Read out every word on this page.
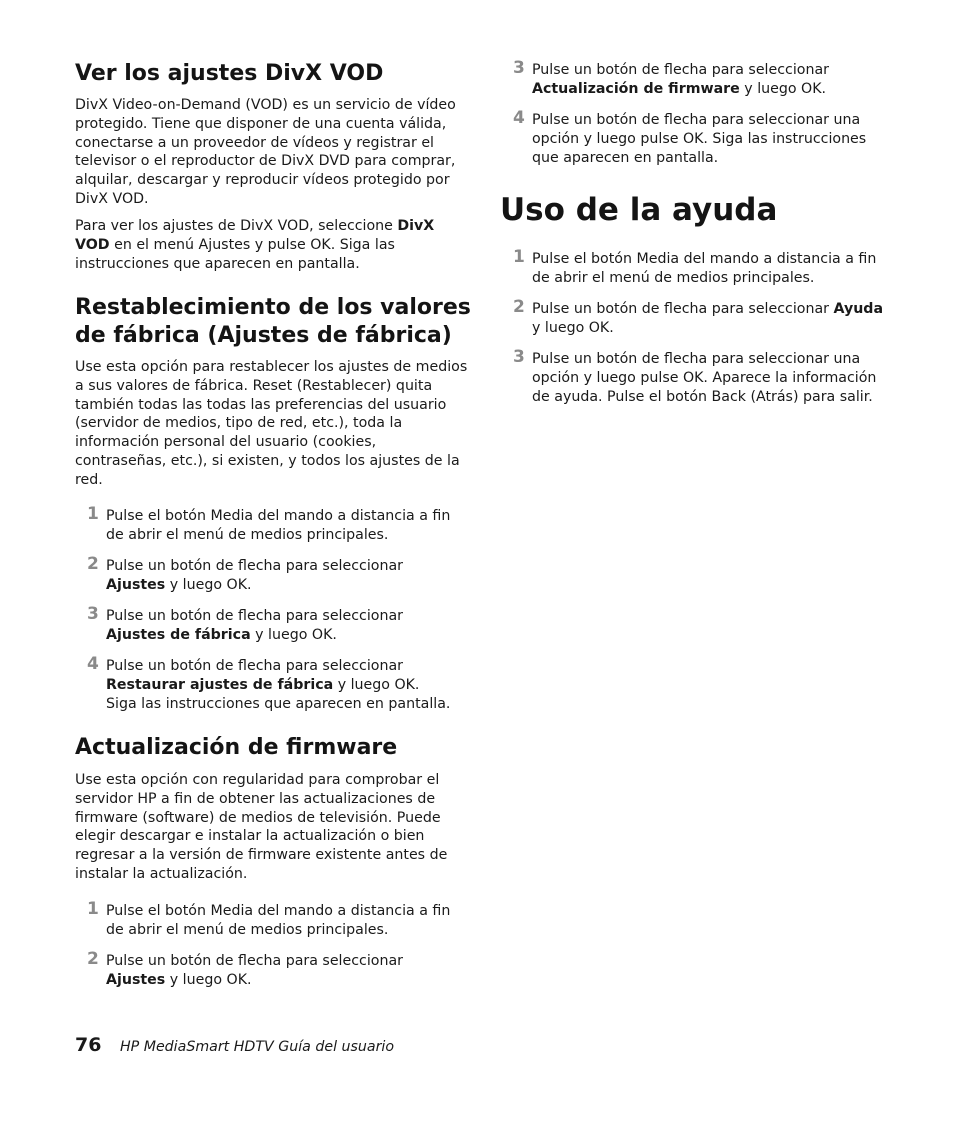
Ver los ajustes DivX VOD
DivX Video-on-Demand (VOD) es un servicio de vídeo
protegido. Tiene que disponer de una cuenta válida,
conectarse a un proveedor de vídeos y registrar el
televisor o el reproductor de DivX DVD para comprar,
alquilar, descargar y reproducir vídeos protegido por
DivX VOD.
Para ver los ajustes de DivX VOD, seleccione DivX
VOD en el menú Ajustes y pulse OK. Siga las
instrucciones que aparecen en pantalla.
Restablecimiento de los valores
de fábrica (Ajustes de fábrica)
Use esta opción para restablecer los ajustes de medios
a sus valores de fábrica. Reset (Restablecer) quita
también todas las todas las preferencias del usuario
(servidor de medios, tipo de red, etc.), toda la
información personal del usuario (cookies,
contraseñas, etc.), si existen, y todos los ajustes de la
red.
1 Pulse el botón Media del mando a distancia a fin
de abrir el menú de medios principales.
2 Pulse un botón de flecha para seleccionar
Ajustes y luego OK.
3 Pulse un botón de flecha para seleccionar
Ajustes de fábrica y luego OK.
4 Pulse un botón de flecha para seleccionar
Restaurar ajustes de fábrica y luego OK.
Siga las instrucciones que aparecen en pantalla.
Actualización de firmware
Use esta opción con regularidad para comprobar el
servidor HP a fin de obtener las actualizaciones de
firmware (software) de medios de televisión. Puede
elegir descargar e instalar la actualización o bien
regresar a la versión de firmware existente antes de
instalar la actualización.
1 Pulse el botón Media del mando a distancia a fin
de abrir el menú de medios principales.
2 Pulse un botón de flecha para seleccionar
Ajustes y luego OK.
3 Pulse un botón de flecha para seleccionar
Actualización de firmware y luego OK.
4 Pulse un botón de flecha para seleccionar una
opción y luego pulse OK. Siga las instrucciones
que aparecen en pantalla.
Uso de la ayuda
1 Pulse el botón Media del mando a distancia a fin
de abrir el menú de medios principales.
2 Pulse un botón de flecha para seleccionar Ayuda
y luego OK.
3 Pulse un botón de flecha para seleccionar una
opción y luego pulse OK. Aparece la información
de ayuda. Pulse el botón Back (Atrás) para salir.
76 HP MediaSmart HDTV Guía del usuario
